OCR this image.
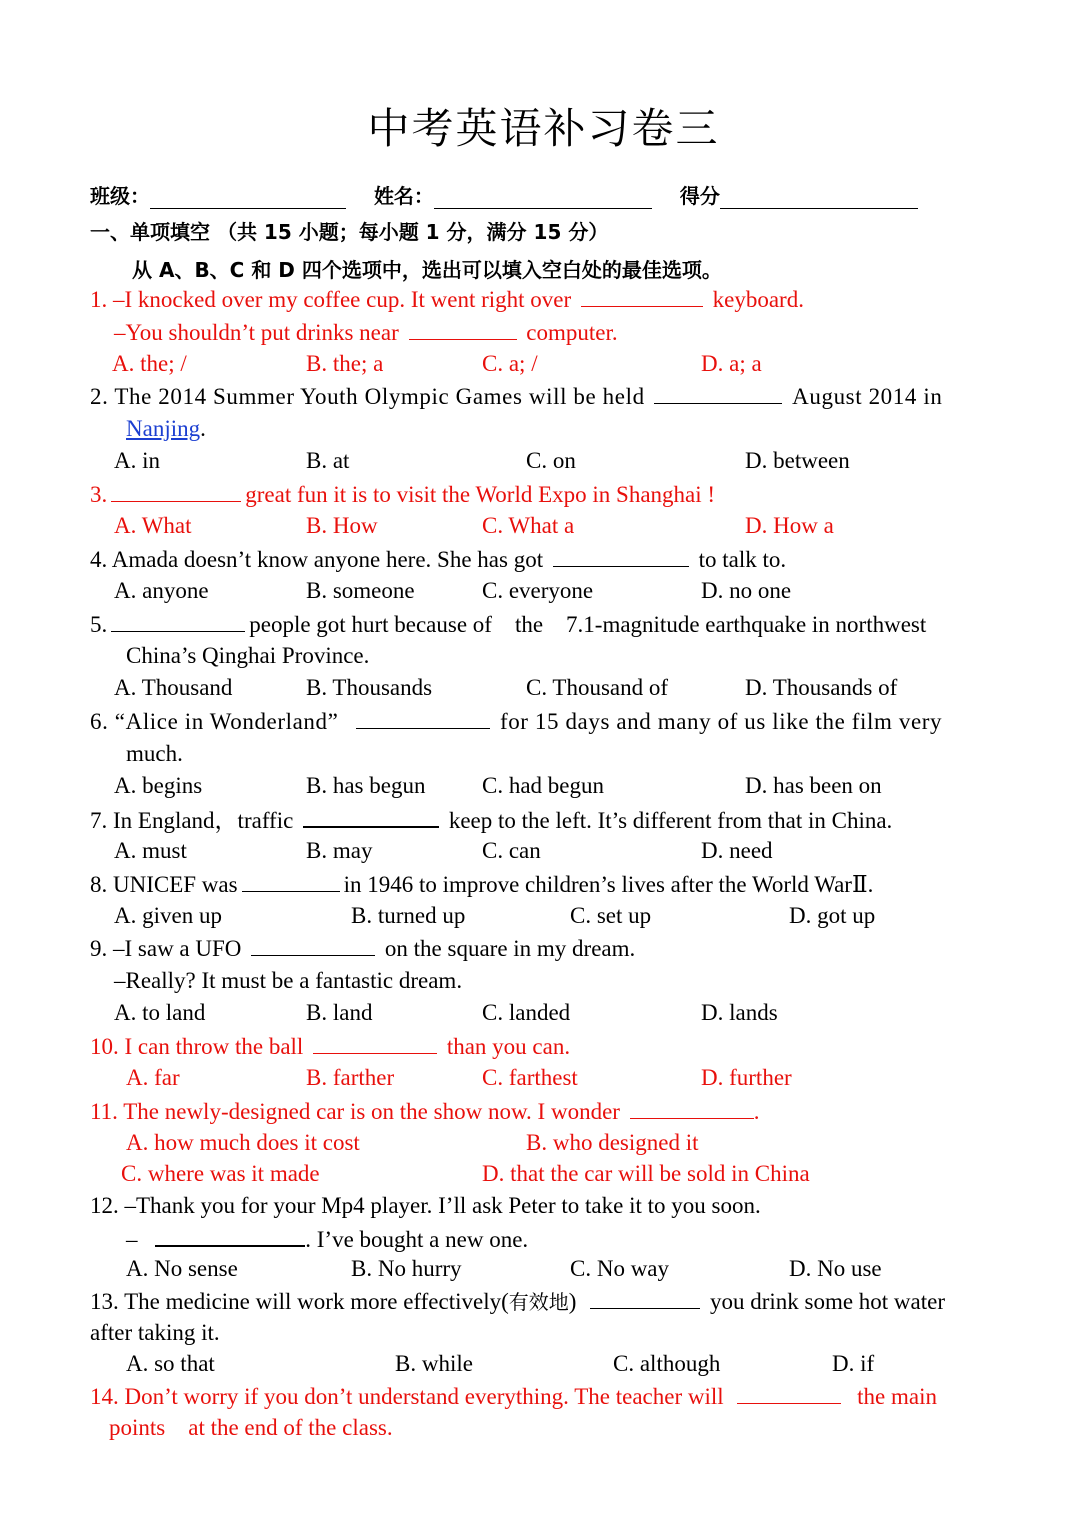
中考英语补习卷三
班级：	姓名：	得分
一、单项填空 （共 15 小题；每小题 1 分，满分 15 分）
从 A、B、C 和 D 四个选项中，选出可以填入空白处的最佳选项。
1. –I knocked over my coffee cup. It went right over	keyboard.
–You shouldn’t put drinks near	computer.
A. the; /	B. the; a	C. a; /	D. a; a
2. The 2014 Summer Youth Olympic Games will be held	August 2014 in
Nanjing.
A. in	B. at	C. on	D. between
3.	great fun it is to visit the World Expo in Shanghai !
A. What	B. How	C. What a	D. How a
4. Amada doesn’t know anyone here. She has got	to talk to.
A. anyone	B. someone	C. everyone	D. no one
5.	people got hurt because of    the    7.1-magnitude earthquake in northwest
China’s Qinghai Province.
A. Thousand	B. Thousands	C. Thousand of	D. Thousands of
6. “Alice in Wonderland”	for 15 days and many of us like the film very
much.
A. begins	B. has begun C. had begun	D. has been on
7. In England，traffic	keep to the left. It’s different from that in China.
A. must	B. may	C. can	D. need
8. UNICEF was	in 1946 to improve children’s lives after the World WarⅡ.
A. given up	B. turned up	C. set up	D. got up
9. –I saw a UFO	on the square in my dream.
–Really? It must be a fantastic dream.
A. to land	B. land	C. landed	D. lands
10. I can throw the ball	than you can.
A. far	B. farther	C. farthest	D. further
11. The newly-designed car is on the show now. I wonder	.
A. how much does it cost	B. who designed it
C. where was it made	D. that the car will be sold in China
12. –Thank you for your Mp4 player. I’ll ask Peter to take it to you soon.
–	. I’ve bought a new one.
A. No sense	B. No hurry	C. No way	D. No use
13. The medicine will work more effectively(有效地)	you drink some hot water
after taking it.
A. so that	B. while	C. although	D. if
14. Don’t worry if you don’t understand everything. The teacher will	the main
points    at the end of the class.
